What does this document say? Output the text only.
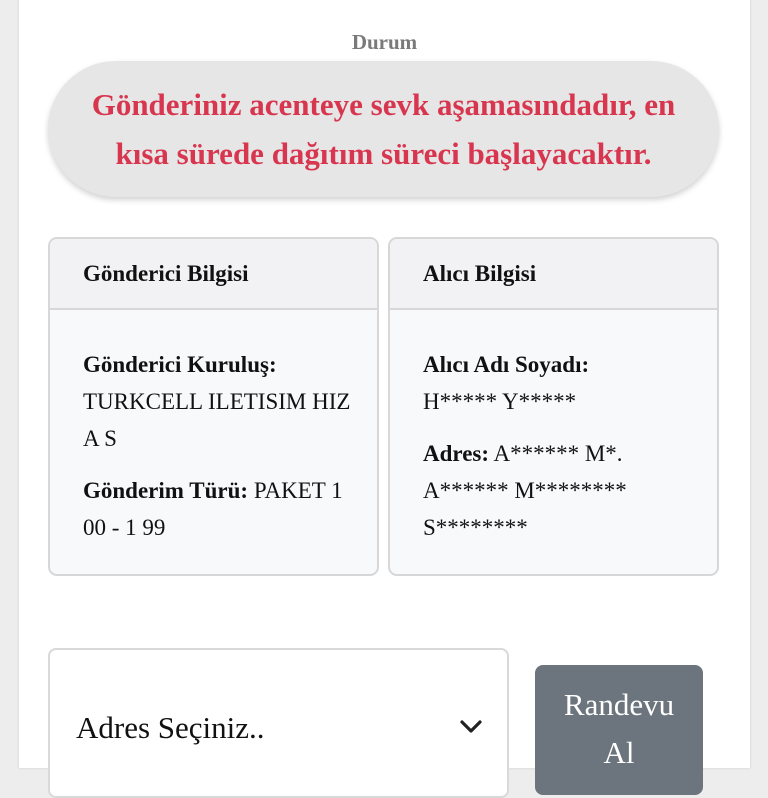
Durum
Gönderiniz acenteye sevk aşamasındadır, en kısa sürede dağıtım süreci başlayacaktır.
Gönderici Bilgisi

Gönderici Kuruluş:
TURKCELL ILETISIM HIZ A S

Gönderim Türü: PAKET 1 00 - 1 99

Alıcı Bilgisi

Alıcı Adı Soyadı:
H***** Y*****

Adres: A****** M*. A****** M******** S********

Adres Seçiniz..
Randevu Al
